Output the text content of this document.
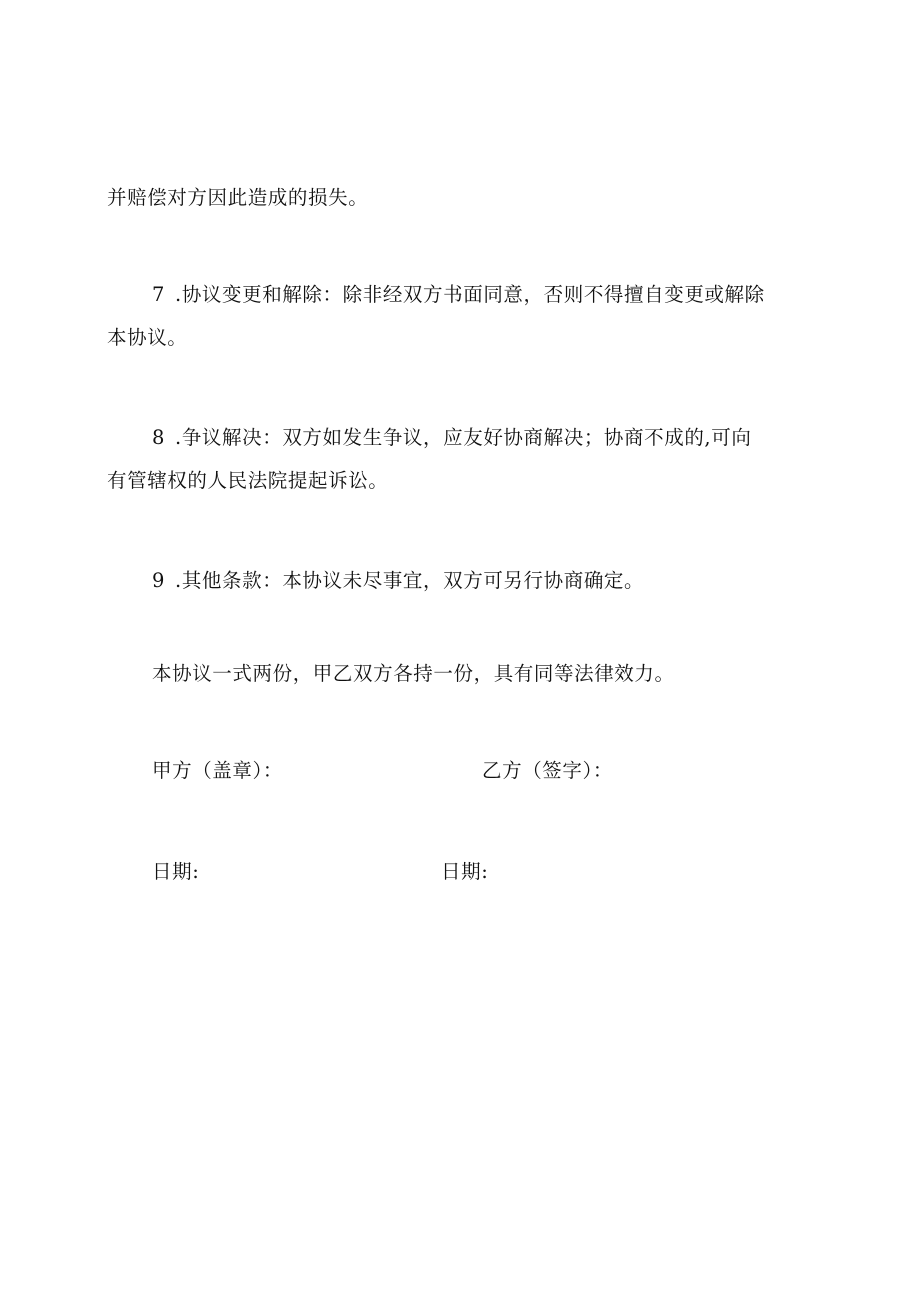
并赔偿对方因此造成的损失。
7 .协议变更和解除：除非经双方书面同意，否则不得擅自变更或解除
本协议。
8 .争议解决：双方如发生争议，应友好协商解决；协商不成的,可向
有管辖权的人民法院提起诉讼。
9 .其他条款：本协议未尽事宜，双方可另行协商确定。
本协议一式两份，甲乙双方各持一份，具有同等法律效力。
甲方（盖章）：	乙方（签字）：
日期:	日期:
